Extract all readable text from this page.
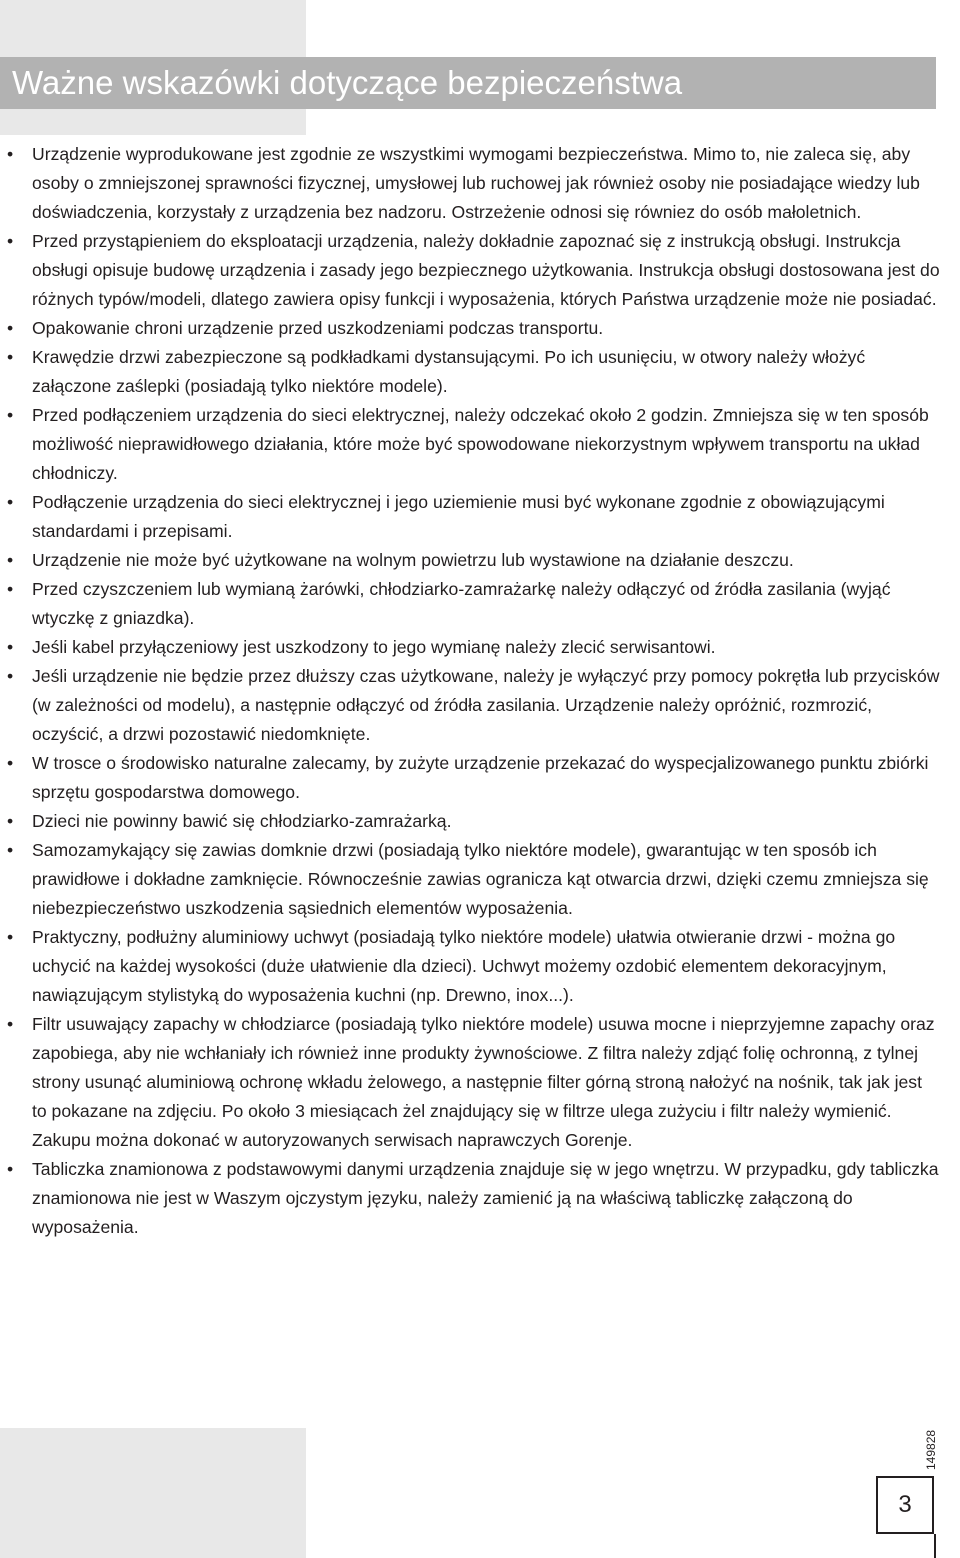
Ważne wskazówki dotyczące bezpieczeństwa
•	Urządzenie wyprodukowane jest zgodnie ze wszystkimi wymogami bezpieczeństwa. Mimo to, nie zaleca się, aby osoby o zmniejszonej sprawności fizycznej, umysłowej lub ruchowej jak również osoby nie posiadające wiedzy lub doświadczenia, korzystały z urządzenia bez nadzoru. Ostrzeżenie odnosi się równiez do osób małoletnich.
•	Przed przystąpieniem do eksploatacji urządzenia, należy dokładnie zapoznać się z instrukcją obsługi. Instrukcja obsługi opisuje budowę urządzenia i zasady jego bezpiecznego użytkowania. Instrukcja obsługi dostosowana jest do różnych typów/modeli, dlatego zawiera opisy funkcji i wyposażenia, których Państwa urządzenie może nie posiadać.
•	Opakowanie chroni urządzenie przed uszkodzeniami podczas transportu.
•	Krawędzie drzwi zabezpieczone są podkładkami dystansującymi. Po ich usunięciu, w otwory należy włożyć załączone zaślepki (posiadają tylko niektóre modele).
•	Przed podłączeniem urządzenia do sieci elektrycznej, należy odczekać około 2 godzin. Zmniejsza się w ten sposób możliwość nieprawidłowego działania, które może być spowodowane niekorzystnym wpływem transportu na układ chłodniczy.
•	Podłączenie urządzenia do sieci elektrycznej i jego uziemienie musi być wykonane zgodnie z obowiązującymi standardami i przepisami.
•	Urządzenie nie może być użytkowane na wolnym powietrzu lub wystawione na działanie deszczu.
•	Przed czyszczeniem lub wymianą żarówki, chłodziarko-zamrażarkę należy odłączyć od źródła zasilania (wyjąć wtyczkę z gniazdka).
•	Jeśli kabel przyłączeniowy jest uszkodzony to jego wymianę należy zlecić serwisantowi.
•	Jeśli urządzenie nie będzie przez dłuższy czas użytkowane, należy je wyłączyć przy pomocy pokrętła lub przycisków (w zależności od modelu), a następnie odłączyć od źródła zasilania. Urządzenie należy opróżnić, rozmrozić, oczyścić, a drzwi pozostawić niedomknięte.
•	W trosce o środowisko naturalne zalecamy, by zużyte urządzenie przekazać do wyspecjalizowanego punktu zbiórki sprzętu gospodarstwa domowego.
•	Dzieci nie powinny bawić się chłodziarko-zamrażarką.
•	Samozamykający się zawias domknie drzwi (posiadają tylko niektóre modele), gwarantując w ten sposób ich prawidłowe i dokładne zamknięcie. Równocześnie zawias ogranicza kąt otwarcia drzwi, dzięki czemu zmniejsza się niebezpieczeństwo uszkodzenia sąsiednich elementów wyposażenia.
•	Praktyczny, podłużny aluminiowy uchwyt (posiadają tylko niektóre modele) ułatwia otwieranie drzwi - można go uchycić na każdej wysokości (duże ułatwienie dla dzieci). Uchwyt możemy ozdobić elementem dekoracyjnym, nawiązującym stylistyką do wyposażenia kuchni (np. Drewno, inox...).
•	Filtr usuwający zapachy w chłodziarce (posiadają tylko niektóre modele) usuwa mocne i nieprzyjemne zapachy oraz zapobiega, aby nie wchłaniały ich również inne produkty żywnościowe. Z filtra należy zdjąć folię ochronną, z tylnej strony usunąć aluminiową ochronę wkładu żelowego, a następnie filter górną stroną nałożyć na nośnik, tak jak jest to pokazane na zdjęciu. Po około 3 miesiącach żel znajdujący się w filtrze ulega zużyciu i filtr należy wymienić. Zakupu można dokonać w autoryzowanych serwisach naprawczych Gorenje.
•	Tabliczka znamionowa z podstawowymi danymi urządzenia znajduje się w jego wnętrzu. W przypadku, gdy tabliczka znamionowa nie jest w Waszym ojczystym języku, należy zamienić ją na właściwą tabliczkę załączoną do wyposażenia.
149828
3
